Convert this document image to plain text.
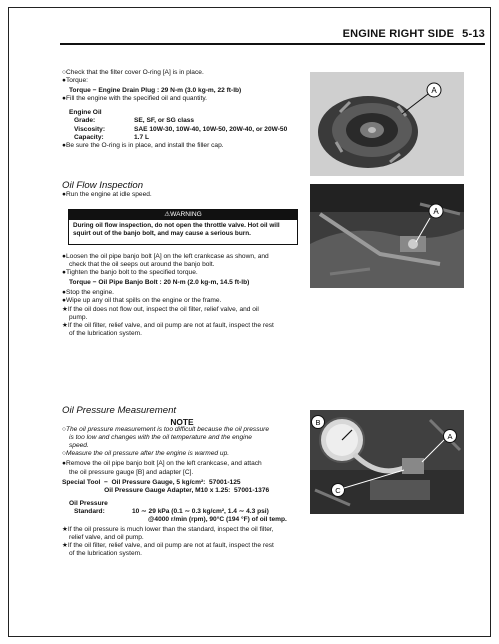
ENGINE RIGHT SIDE 5-13
○Check that the filter cover O-ring [A] is in place.
●Torque:
Torque − Engine Drain Plug : 29 N-m (3.0 kg-m, 22 ft-lb)
●Fill the engine with the specified oil and quantity.
Engine Oil
Grade:	SE, SF, or SG class
Viscosity:	SAE 10W-30, 10W-40, 10W-50, 20W-40, or 20W-50
Capacity:	1.7 L
●Be sure the O-ring is in place, and install the filler cap.
Oil Flow Inspection
●Run the engine at idle speed.
⚠WARNING
During oil flow inspection, do not open the throttle valve. Hot oil will
squirt out of the banjo bolt, and may cause a serious burn.
●Loosen the oil pipe banjo bolt [A] on the left crankcase as shown, and
check that the oil seeps out around the banjo bolt.
●Tighten the banjo bolt to the specified torque.
Torque − Oil Pipe Banjo Bolt : 20 N-m (2.0 kg-m, 14.5 ft-lb)
●Stop the engine.
●Wipe up any oil that spills on the engine or the frame.
★If the oil does not flow out, inspect the oil filter, relief valve, and oil
pump.
★If the oil filter, relief valve, and oil pump are not at fault, inspect the rest
of the lubrication system.
Oil Pressure Measurement
NOTE
○The oil pressure measurement is too difficult because the oil pressure
is too low and changes with the oil temperature and the engine
speed.
○Measure the oil pressure after the engine is warmed up.
●Remove the oil pipe banjo bolt [A] on the left crankcase, and attach
the oil pressure gauge [B] and adapter [C].
Special Tool  −  Oil Pressure Gauge, 5 kg/cm²:  57001-125
Oil Pressure Gauge Adapter, M10 x 1.25:  57001-1376
Oil Pressure
Standard:	10 ∼ 29 kPa (0.1 ∼ 0.3 kg/cm², 1.4 ∼ 4.3 psi)
@4000 r/min (rpm), 90°C (194 °F) of oil temp.
★If the oil pressure is much lower than the standard, inspect the oil filter,
relief valve, and oil pump.
★If the oil filter, relief valve, and oil pump are not at fault, inspect the rest
of the lubrication system.
A
A
B
A
C
